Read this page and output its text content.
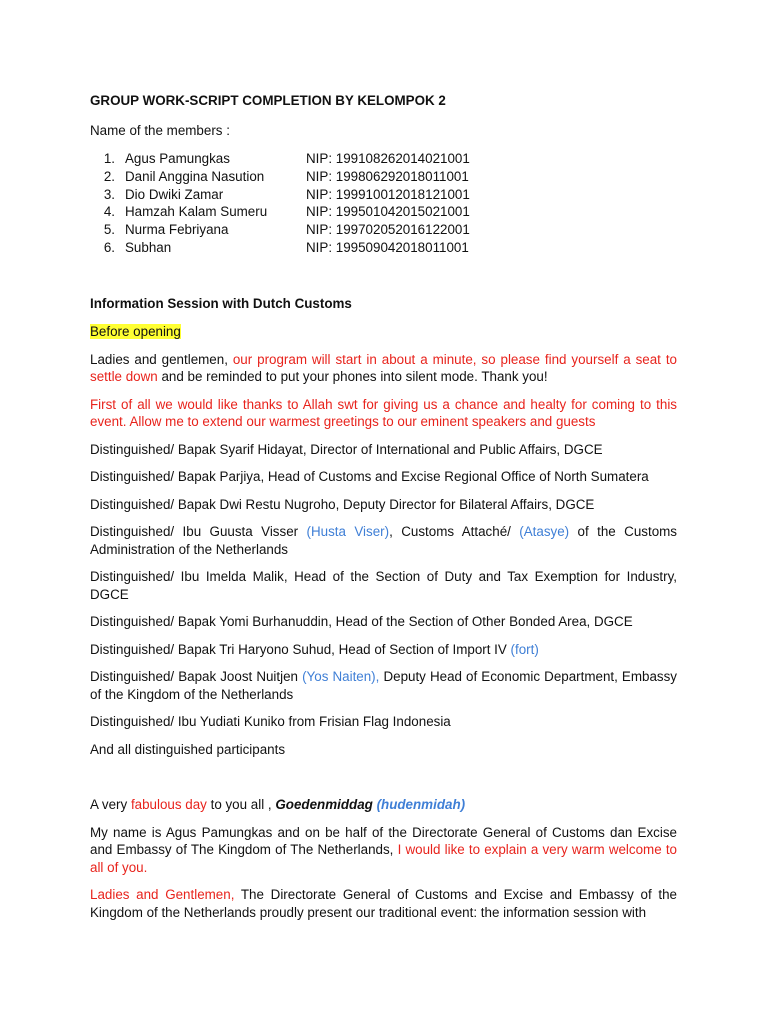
GROUP WORK-SCRIPT COMPLETION BY KELOMPOK 2

Name of the members :

1. Agus Pamungkas	NIP: 199108262014021001
2. Danil Anggina Nasution	NIP: 199806292018011001
3. Dio Dwiki Zamar	NIP: 199910012018121001
4. Hamzah Kalam Sumeru	NIP: 199501042015021001
5. Nurma Febriyana	NIP: 199702052016122001
6. Subhan	NIP: 199509042018011001

Information Session with Dutch Customs

Before opening

Ladies and gentlemen, our program will start in about a minute, so please find yourself a seat to settle down and be reminded to put your phones into silent mode. Thank you!

First of all we would like thanks to Allah swt for giving us a chance and healty for coming to this event. Allow me to extend our warmest greetings to our eminent speakers and guests

Distinguished/ Bapak Syarif Hidayat, Director of International and Public Affairs, DGCE

Distinguished/ Bapak Parjiya, Head of Customs and Excise Regional Office of North Sumatera

Distinguished/ Bapak Dwi Restu Nugroho, Deputy Director for Bilateral Affairs, DGCE

Distinguished/ Ibu Guusta Visser (Husta Viser), Customs Attaché/ (Atasye) of the Customs Administration of the Netherlands

Distinguished/ Ibu Imelda Malik, Head of the Section of Duty and Tax Exemption for Industry, DGCE

Distinguished/ Bapak Yomi Burhanuddin, Head of the Section of Other Bonded Area, DGCE

Distinguished/ Bapak Tri Haryono Suhud, Head of Section of Import IV (fort)

Distinguished/ Bapak Joost Nuitjen (Yos Naiten), Deputy Head of Economic Department, Embassy of the Kingdom of the Netherlands

Distinguished/ Ibu Yudiati Kuniko from Frisian Flag Indonesia

And all distinguished participants

A very fabulous day to you all , Goedenmiddag (hudenmidah)

My name is Agus Pamungkas and on be half of the Directorate General of Customs dan Excise and Embassy of The Kingdom of The Netherlands, I would like to explain a very warm welcome to all of you.

Ladies and Gentlemen, The Directorate General of Customs and Excise and Embassy of the Kingdom of the Netherlands proudly present our traditional event: the information session with
